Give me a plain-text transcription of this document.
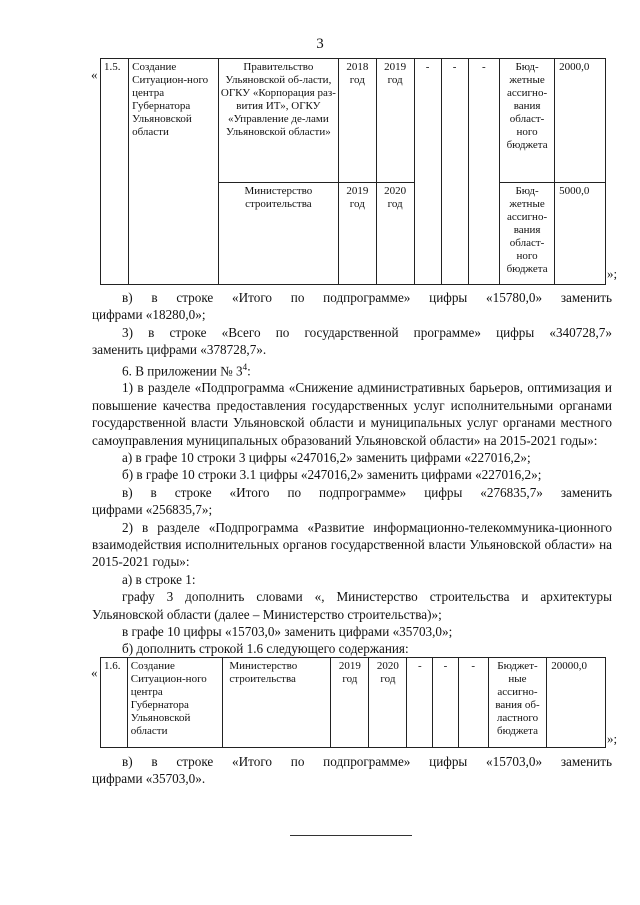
3
« 1.5.	Создание Ситуацион-ного центра Губернатора Ульяновской области	Правительство Ульяновской об-ласти, ОГКУ «Корпорация раз-вития ИТ», ОГКУ «Управление де-лами Ульяновской области»	2018 год	2019 год	-	-	-	Бюд-жетные ассигно-вания област-ного бюджета	2000,0
		Министерство строительства	2019 год	2020 год				Бюд-жетные ассигно-вания област-ного бюджета	5000,0
»;

в) в строке «Итого по подпрограмме» цифры «15780,0» заменить

цифрами «18280,0»;

3) в строке «Всего по государственной программе» цифры «340728,7»

заменить цифрами «378728,7».

6. В приложении № $3^4$:

1) в разделе «Подпрограмма «Снижение административных барьеров, оптимизация и повышение качества предоставления государственных услуг исполнительными органами государственной власти Ульяновской области и муниципальных услуг органами местного самоуправления муниципальных образований Ульяновской области» на 2015-2021 годы»:

а) в графе 10 строки 3 цифры «247016,2» заменить цифрами «227016,2»;

б) в графе 10 строки 3.1 цифры «247016,2» заменить цифрами «227016,2»;

в) в строке «Итого по подпрограмме» цифры «276835,7» заменить

цифрами «256835,7»;

2) в разделе «Подпрограмма «Развитие информационно-телекоммуника-ционного взаимодействия исполнительных органов государственной власти Ульяновской области» на 2015-2021 годы»:

а) в строке 1:

графу 3 дополнить словами «, Министерство строительства и архитектуры Ульяновской области (далее – Министерство строительства)»;

в графе 10 цифры «15703,0» заменить цифрами «35703,0»;

б) дополнить строкой 1.6 следующего содержания:

« 1.6.	Создание Ситуацион-ного центра Губернатора Ульяновской области	Министерство строительства	2019 год	2020 год	-	-	-	Бюджет-ные ассигно-вания об-ластного бюджета	20000,0
»;

в) в строке «Итого по подпрограмме» цифры «15703,0» заменить

цифрами «35703,0».
